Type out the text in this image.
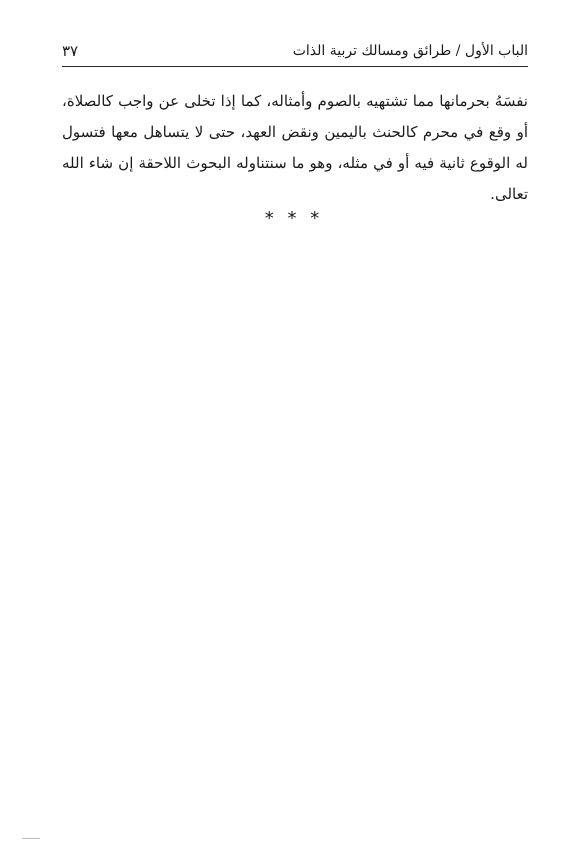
الباب الأول / طرائق ومسالك تربية الذات
٣٧
نفسَهُ بحرمانها مما تشتهيه بالصوم وأمثاله، كما إذا تخلى عن واجب كالصلاة،
أو وقع في محرم كالحنث باليمين ونقض العهد، حتى لا يتساهل معها فتسول
له الوقوع ثانية فيه أو في مثله، وهو ما سنتناوله البحوث اللاحقة إن شاء الله
تعالى.
* * *
